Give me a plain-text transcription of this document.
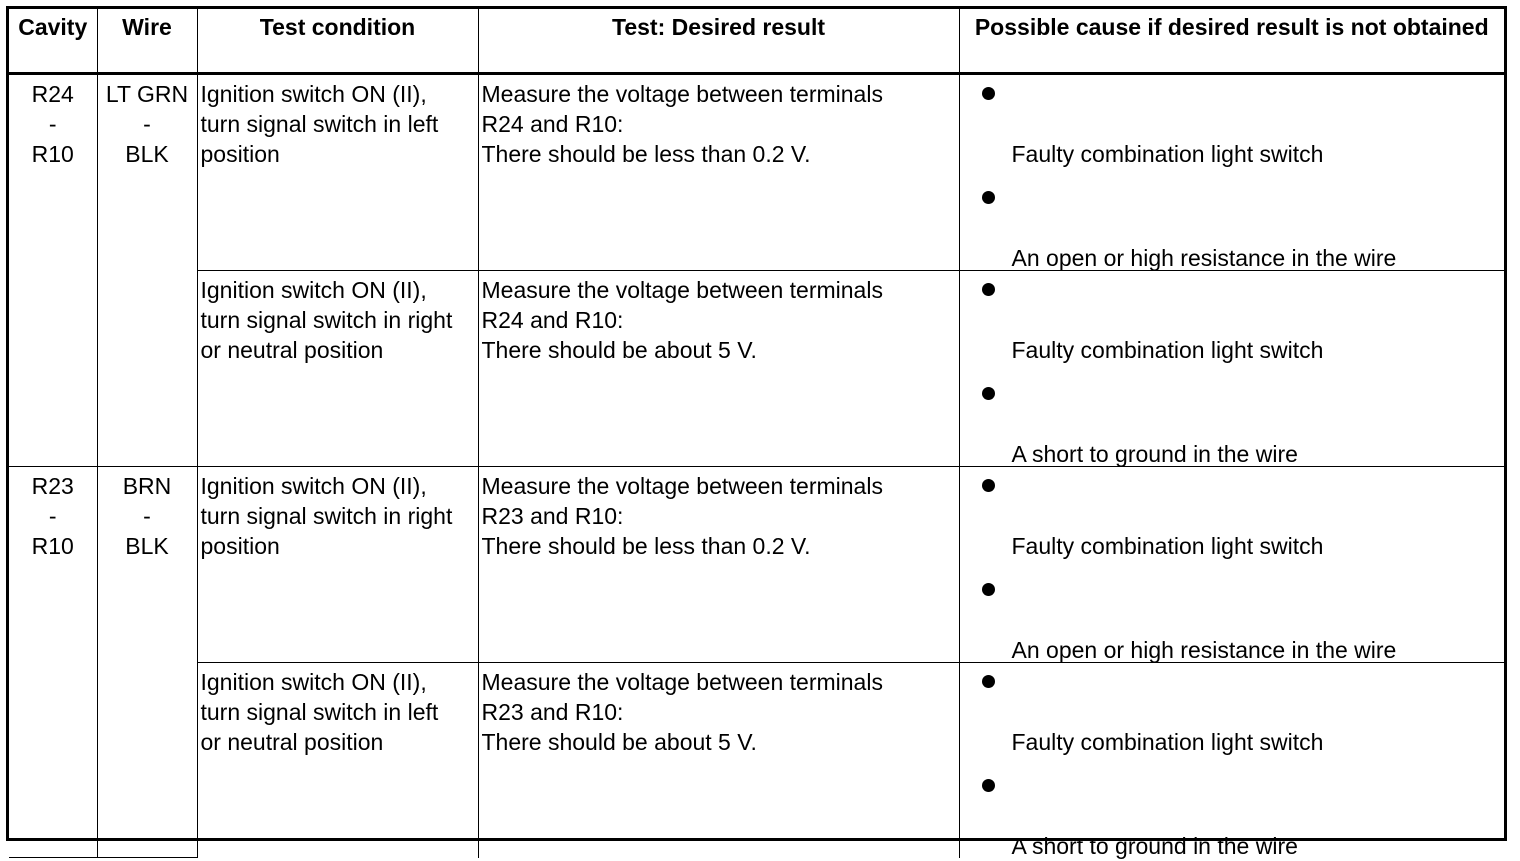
Cavity	Wire	Test condition	Test: Desired result	Possible cause if desired result is not obtained

R24
-
R10	LT GRN
-
BLK	Ignition switch ON (II),
turn signal switch in left
position	Measure the voltage between terminals
R24 and R10:
There should be less than 0.2 V.	Faulty combination light switch
An open or high resistance in the wire

		Ignition switch ON (II),
turn signal switch in right
or neutral position	Measure the voltage between terminals
R24 and R10:
There should be about 5 V.	Faulty combination light switch
A short to ground in the wire

R23
-
R10	BRN
-
BLK	Ignition switch ON (II),
turn signal switch in right
position	Measure the voltage between terminals
R23 and R10:
There should be less than 0.2 V.	Faulty combination light switch
An open or high resistance in the wire

		Ignition switch ON (II),
turn signal switch in left
or neutral position	Measure the voltage between terminals
R23 and R10:
There should be about 5 V.	Faulty combination light switch
A short to ground in the wire
